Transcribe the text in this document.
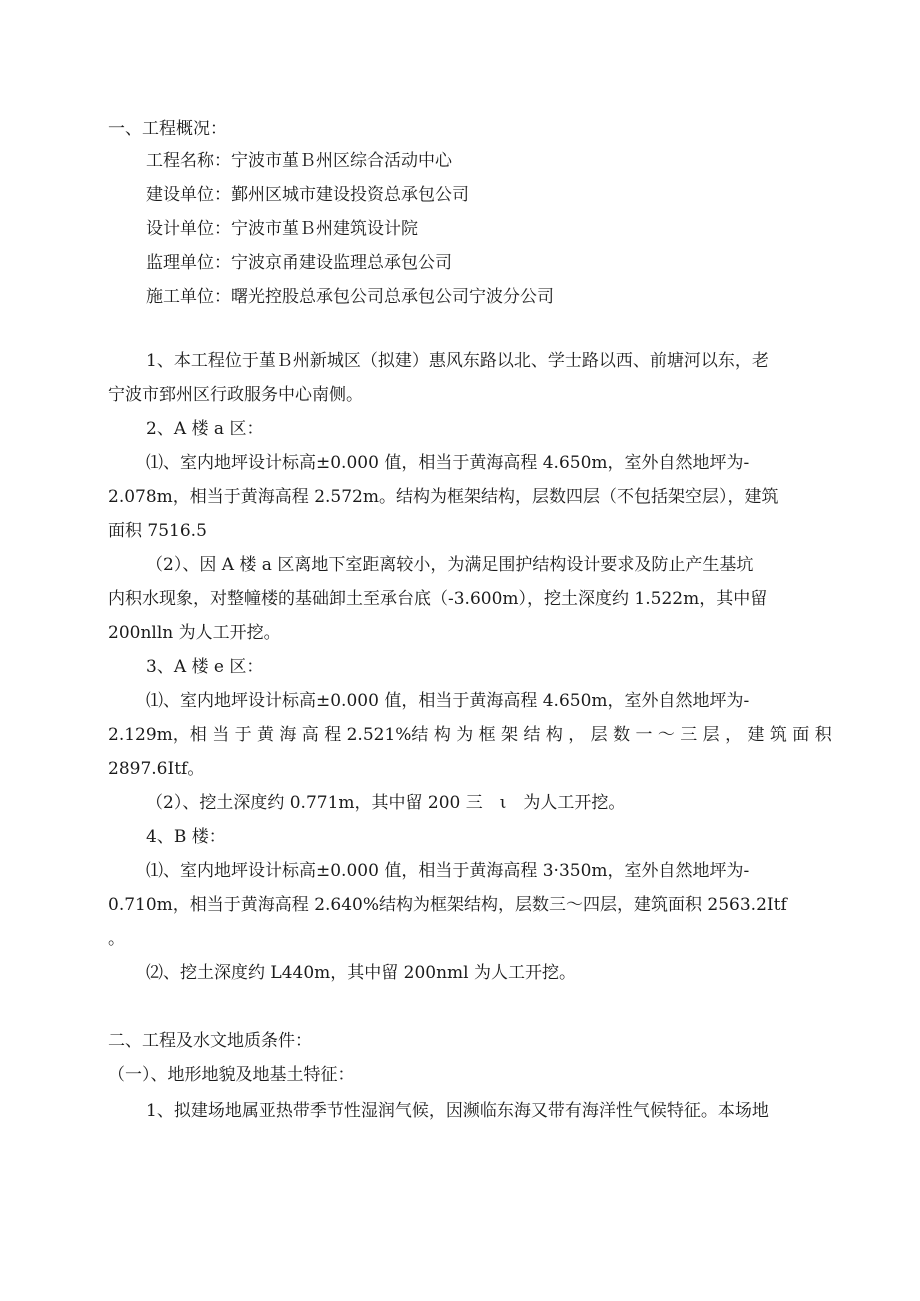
一、工程概况：
工程名称：宁波市堇Ｂ州区综合活动中心
建设单位：鄞州区城市建设投资总承包公司
设计单位：宁波市堇Ｂ州建筑设计院
监理单位：宁波京甬建设监理总承包公司
施工单位：曙光控股总承包公司总承包公司宁波分公司
1、本工程位于堇Ｂ州新城区（拟建）惠风东路以北、学士路以西、前塘河以东，老
宁波市郅州区行政服务中心南侧。
2、A 楼 a 区：
⑴、室内地坪设计标高±0.000 值，相当于黄海高程 4.650m，室外自然地坪为-
2.078m，相当于黄海高程 2.572m。结构为框架结构，层数四层（不包括架空层），建筑
面积 7516.5
（2）、因 A 楼 a 区离地下室距离较小，为满足围护结构设计要求及防止产生基坑
内积水现象，对整幢楼的基础卸土至承台底（-3.600m），挖土深度约 1.522m，其中留
200nlln 为人工开挖。
3、A 楼 e 区：
⑴、室内地坪设计标高±0.000 值，相当于黄海高程 4.650m，室外自然地坪为-
2.129m，相 当 于 黄 海 高 程 2.521%结 构 为 框 架 结 构 ， 层 数 一 ～ 三 层 ， 建 筑 面 积
2897.6Itf。
（2）、挖土深度约 0.771m，其中留 200 三　ι　为人工开挖。
4、B 楼：
⑴、室内地坪设计标高±0.000 值，相当于黄海高程 3·350m，室外自然地坪为-
0.710m，相当于黄海高程 2.640%结构为框架结构，层数三～四层，建筑面积 2563.2Itf
。
⑵、挖土深度约 L440m，其中留 200nml 为人工开挖。
二、工程及水文地质条件：
（一）、地形地貌及地基土特征：
1、拟建场地属亚热带季节性湿润气候，因濒临东海又带有海洋性气候特征。本场地
